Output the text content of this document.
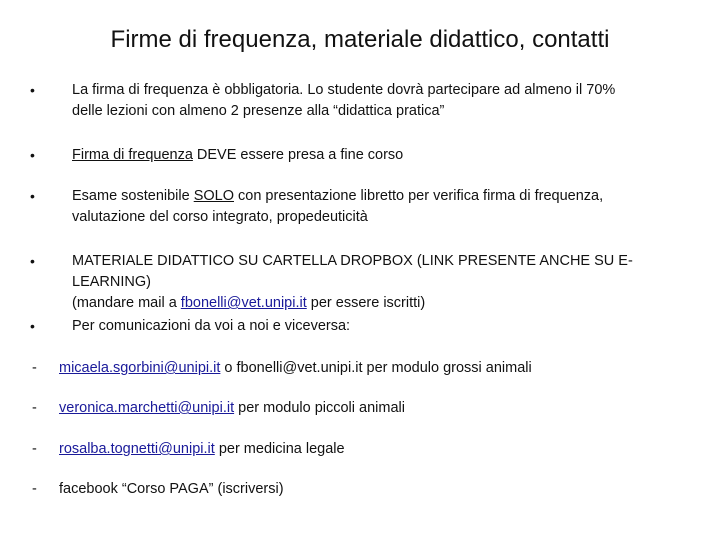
Firme di frequenza, materiale didattico, contatti
•	La firma di frequenza è obbligatoria. Lo studente dovrà partecipare ad almeno il 70%
delle lezioni con almeno 2 presenze alla “didattica pratica”
•	Firma di frequenza DEVE essere presa a fine corso
•	Esame sostenibile SOLO con presentazione libretto per verifica firma di frequenza,
valutazione del corso integrato, propedeuticità
•	MATERIALE DIDATTICO SU CARTELLA DROPBOX (LINK PRESENTE ANCHE SU E-LEARNING)
(mandare mail a fbonelli@vet.unipi.it per essere iscritti)
•	Per comunicazioni da voi a noi e viceversa:
- micaela.sgorbini@unipi.it o fbonelli@vet.unipi.it per modulo grossi animali
- veronica.marchetti@unipi.it per modulo piccoli animali
- rosalba.tognetti@unipi.it per medicina legale
- facebook “Corso PAGA” (iscriversi)
